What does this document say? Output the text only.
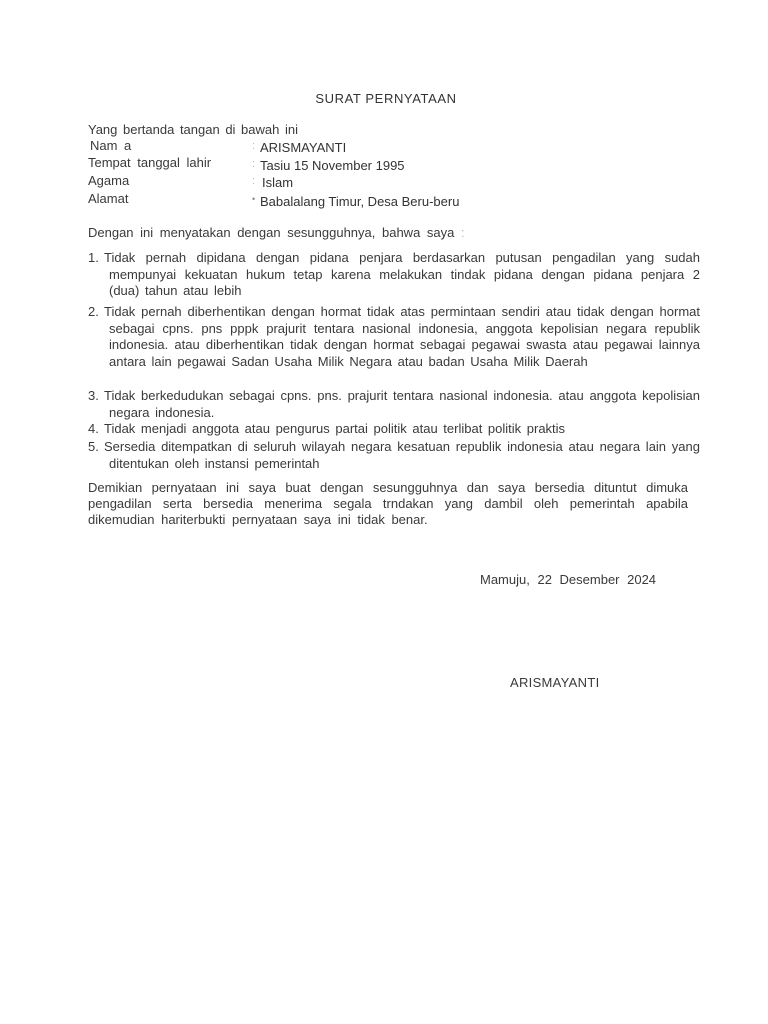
SURAT PERNYATAAN
Yang bertanda tangan di bawah ini
Nam a	: ARISMAYANTI
Tempat tanggal lahir	: Tasiu 15 November 1995
Agama	: Islam
Alamat	• Babalalang Timur, Desa Beru-beru
Dengan ini menyatakan dengan sesungguhnya, bahwa saya :
1. Tidak pernah dipidana dengan pidana penjara berdasarkan putusan pengadilan yang sudah mempunyai kekuatan hukum tetap karena melakukan tindak pidana dengan pidana penjara 2 (dua) tahun atau lebih
2. Tidak pernah diberhentikan dengan hormat tidak atas permintaan sendiri atau tidak dengan hormat sebagai cpns. pns pppk prajurit tentara nasional indonesia, anggota kepolisian negara republik indonesia. atau diberhentikan tidak dengan hormat sebagai pegawai swasta atau pegawai lainnya antara lain pegawai Sadan Usaha Milik Negara atau badan Usaha Milik Daerah
3. Tidak berkedudukan sebagai cpns. pns. prajurit tentara nasional indonesia. atau anggota kepolisian negara indonesia.
4. Tidak menjadi anggota atau pengurus partai politik atau terlibat politik praktis
5. Sersedia ditempatkan di seluruh wilayah negara kesatuan republik indonesia atau negara lain yang ditentukan oleh instansi pemerintah
Demikian pernyataan ini saya buat dengan sesungguhnya dan saya bersedia dituntut dimuka pengadilan serta bersedia menerima segala trndakan yang dambil oleh pemerintah apabila dikemudian hariterbukti pernyataan saya ini tidak benar.
Mamuju, 22 Desember 2024
ARISMAYANTI
